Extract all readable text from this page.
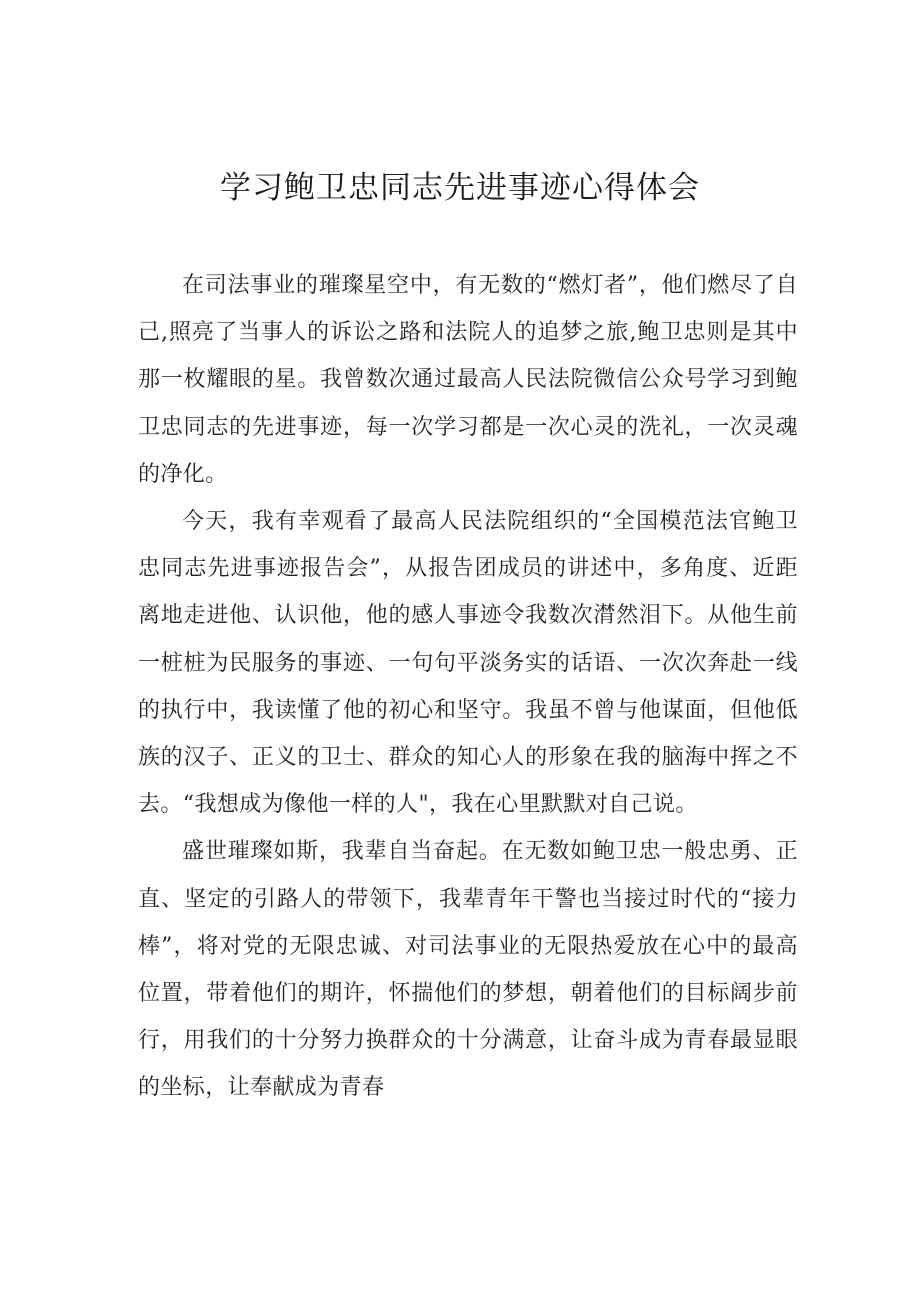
学习鲍卫忠同志先进事迹心得体会

在司法事业的璀璨星空中，有无数的“燃灯者”，他们燃尽了自己,照亮了当事人的诉讼之路和法院人的追梦之旅,鲍卫忠则是其中那一枚耀眼的星。我曾数次通过最高人民法院微信公众号学习到鲍卫忠同志的先进事迹，每一次学习都是一次心灵的洗礼，一次灵魂的净化。

今天，我有幸观看了最高人民法院组织的“全国模范法官鲍卫忠同志先进事迹报告会”，从报告团成员的讲述中，多角度、近距离地走进他、认识他，他的感人事迹令我数次潸然泪下。从他生前一桩桩为民服务的事迹、一句句平淡务实的话语、一次次奔赴一线的执行中，我读懂了他的初心和坚守。我虽不曾与他谋面，但他低族的汉子、正义的卫士、群众的知心人的形象在我的脑海中挥之不去。“我想成为像他一样的人"，我在心里默默对自己说。

盛世璀璨如斯，我辈自当奋起。在无数如鲍卫忠一般忠勇、正直、坚定的引路人的带领下，我辈青年干警也当接过时代的“接力棒”，将对党的无限忠诚、对司法事业的无限热爱放在心中的最高位置，带着他们的期许，怀揣他们的梦想，朝着他们的目标阔步前行，用我们的十分努力换群众的十分满意，让奋斗成为青春最显眼的坐标，让奉献成为青春
